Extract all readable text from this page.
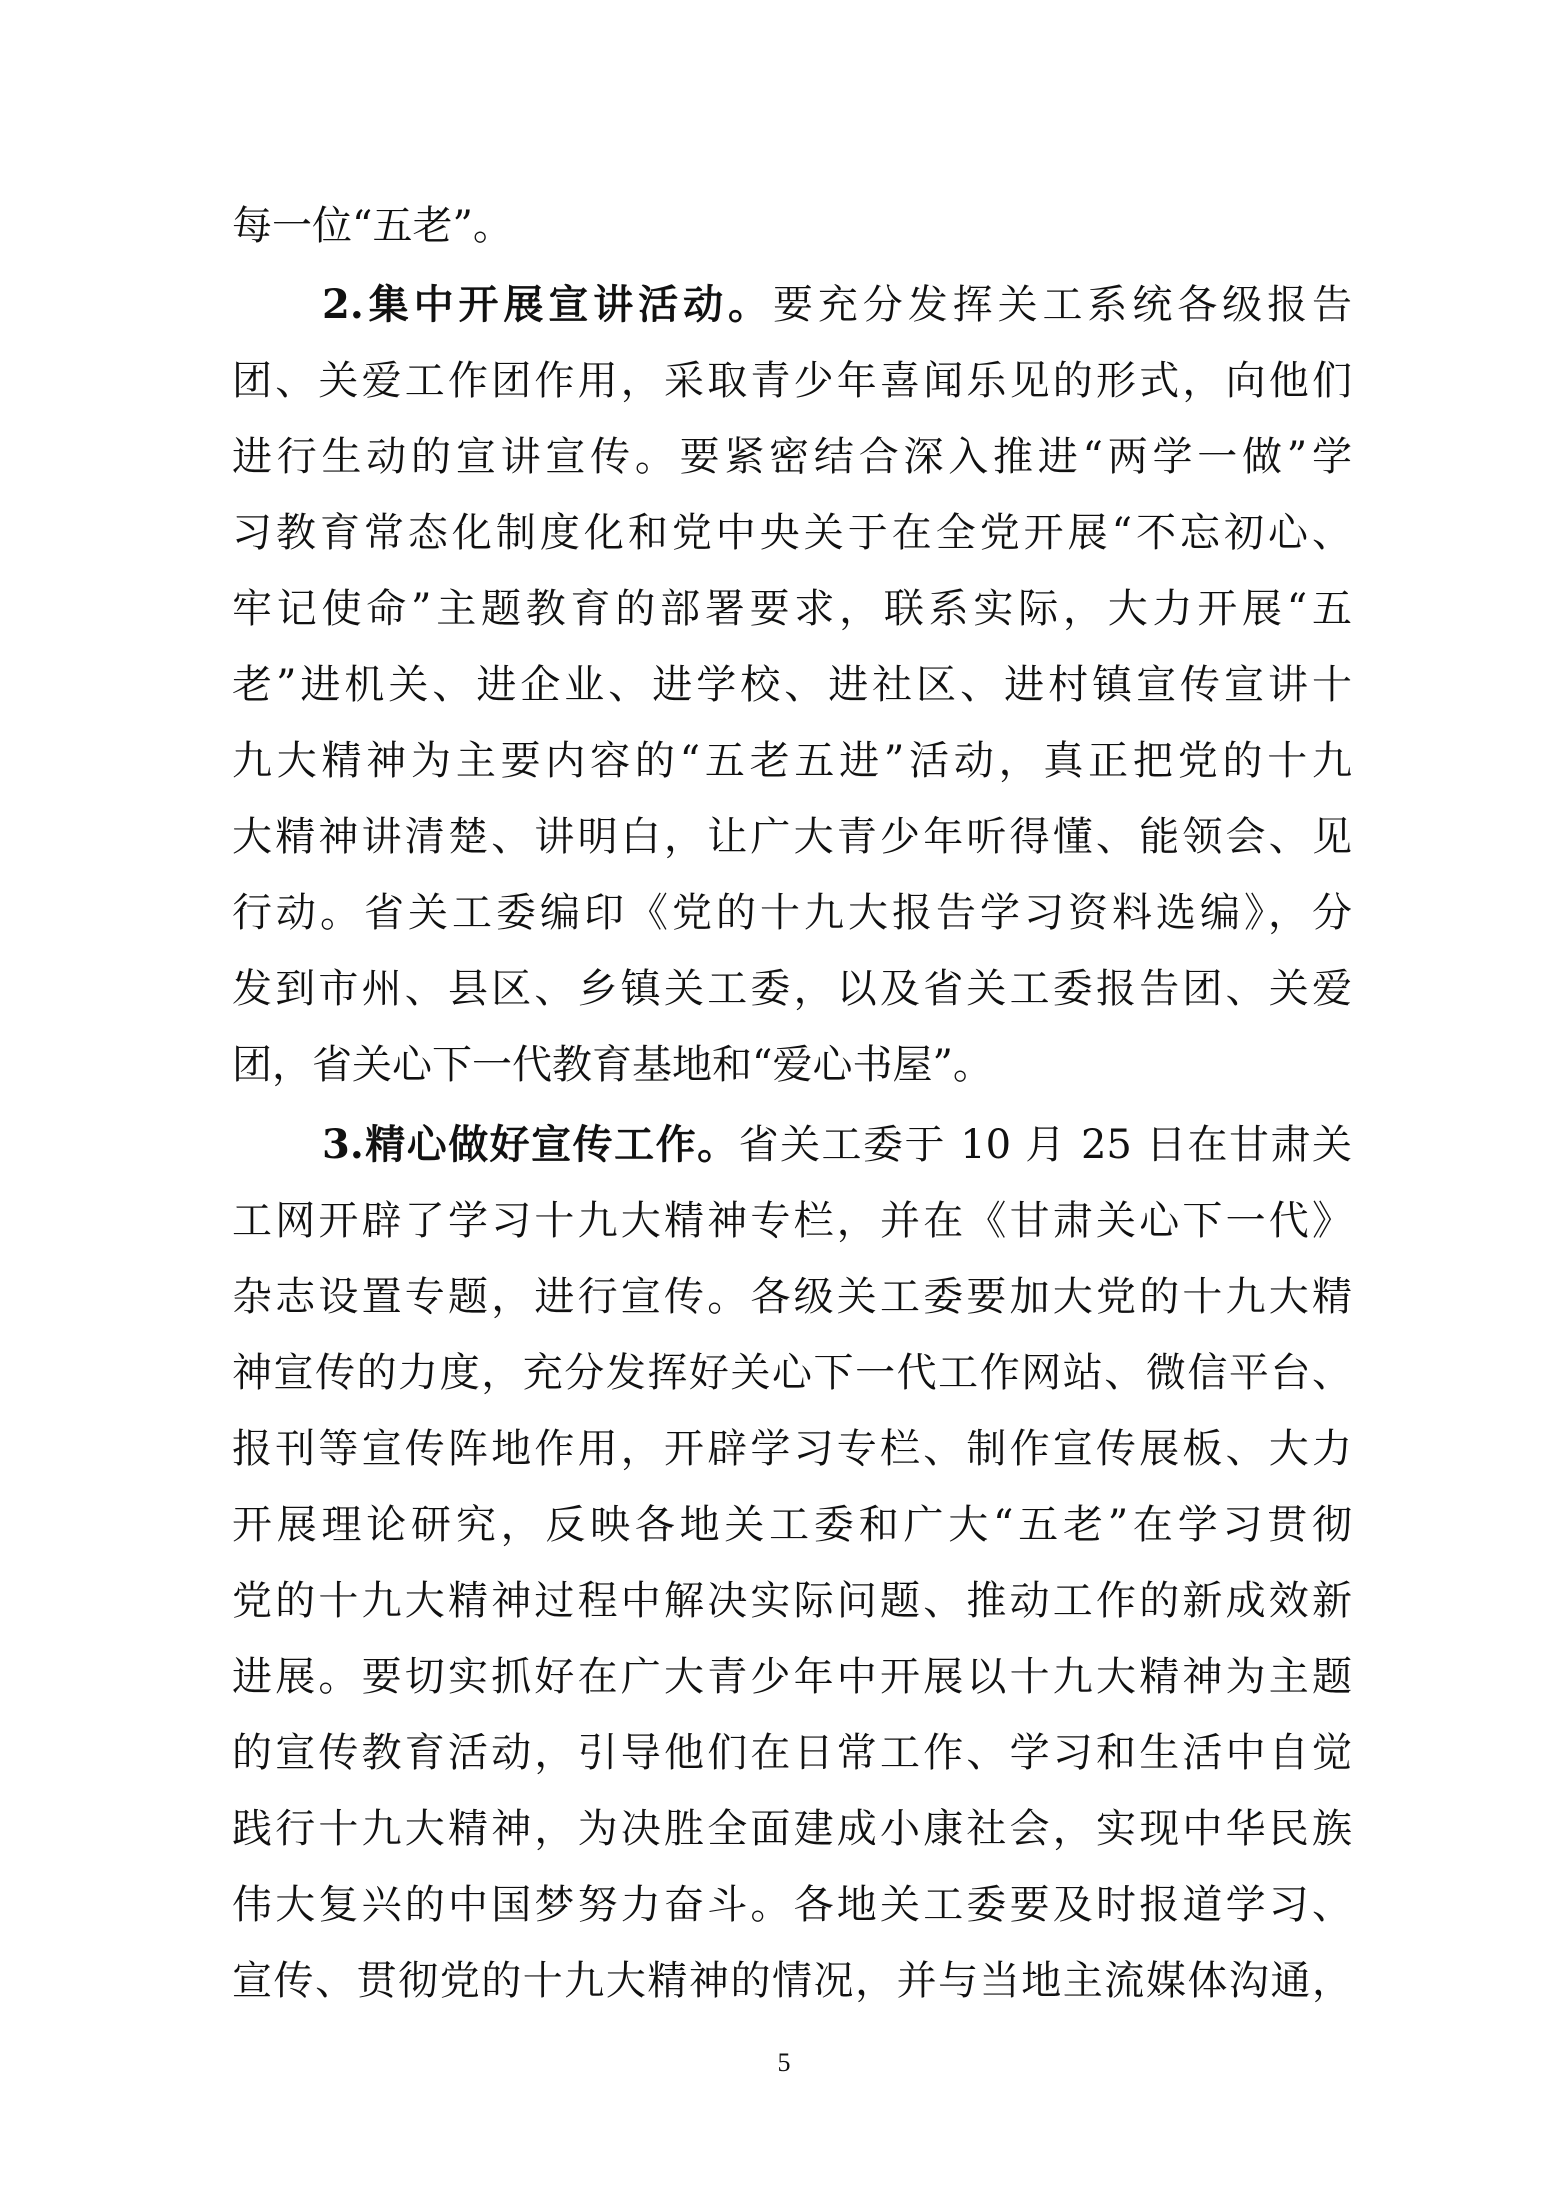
每一位“五老”。
2.集中开展宣讲活动。要充分发挥关工系统各级报告
团、关爱工作团作用，采取青少年喜闻乐见的形式，向他们
进行生动的宣讲宣传。要紧密结合深入推进“两学一做”学
习教育常态化制度化和党中央关于在全党开展“不忘初心、
牢记使命”主题教育的部署要求，联系实际，大力开展“五
老”进机关、进企业、进学校、进社区、进村镇宣传宣讲十
九大精神为主要内容的“五老五进”活动，真正把党的十九
大精神讲清楚、讲明白，让广大青少年听得懂、能领会、见
行动。省关工委编印《党的十九大报告学习资料选编》，分
发到市州、县区、乡镇关工委，以及省关工委报告团、关爱
团，省关心下一代教育基地和“爱心书屋”。
3.精心做好宣传工作。省关工委于 10 月 25 日在甘肃关
工网开辟了学习十九大精神专栏，并在《甘肃关心下一代》
杂志设置专题，进行宣传。各级关工委要加大党的十九大精
神宣传的力度，充分发挥好关心下一代工作网站、微信平台、
报刊等宣传阵地作用，开辟学习专栏、制作宣传展板、大力
开展理论研究，反映各地关工委和广大“五老”在学习贯彻
党的十九大精神过程中解决实际问题、推动工作的新成效新
进展。要切实抓好在广大青少年中开展以十九大精神为主题
的宣传教育活动，引导他们在日常工作、学习和生活中自觉
践行十九大精神，为决胜全面建成小康社会，实现中华民族
伟大复兴的中国梦努力奋斗。各地关工委要及时报道学习、
宣传、贯彻党的十九大精神的情况，并与当地主流媒体沟通，
5
